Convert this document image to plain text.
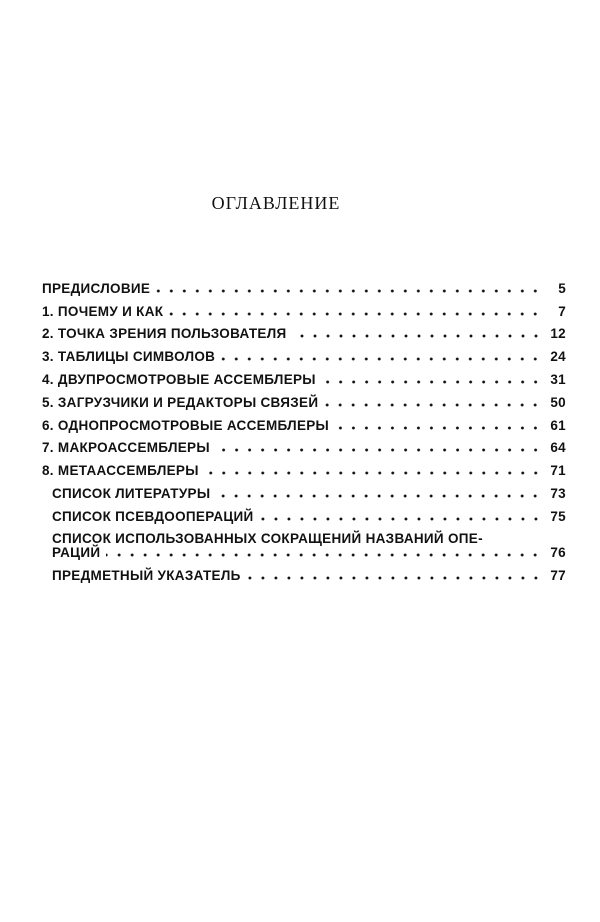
ОГЛАВЛЕНИЕ
ПРЕДИСЛОВИЕ	5
1. ПОЧЕМУ И КАК	7
2. ТОЧКА ЗРЕНИЯ ПОЛЬЗОВАТЕЛЯ	12
3. ТАБЛИЦЫ СИМВОЛОВ	24
4. ДВУПРОСМОТРОВЫЕ АССЕМБЛЕРЫ	31
5. ЗАГРУЗЧИКИ И РЕДАКТОРЫ СВЯЗЕЙ	50
6. ОДНОПРОСМОТРОВЫЕ АССЕМБЛЕРЫ	61
7. МАКРОАССЕМБЛЕРЫ	64
8. МЕТААССЕМБЛЕРЫ	71
СПИСОК ЛИТЕРАТУРЫ	73
СПИСОК ПСЕВДООПЕРАЦИЙ	75
СПИСОК ИСПОЛЬЗОВАННЫХ СОКРАЩЕНИЙ НАЗВАНИЙ ОПЕ-
РАЦИЙ	76
ПРЕДМЕТНЫЙ УКАЗАТЕЛЬ	77
